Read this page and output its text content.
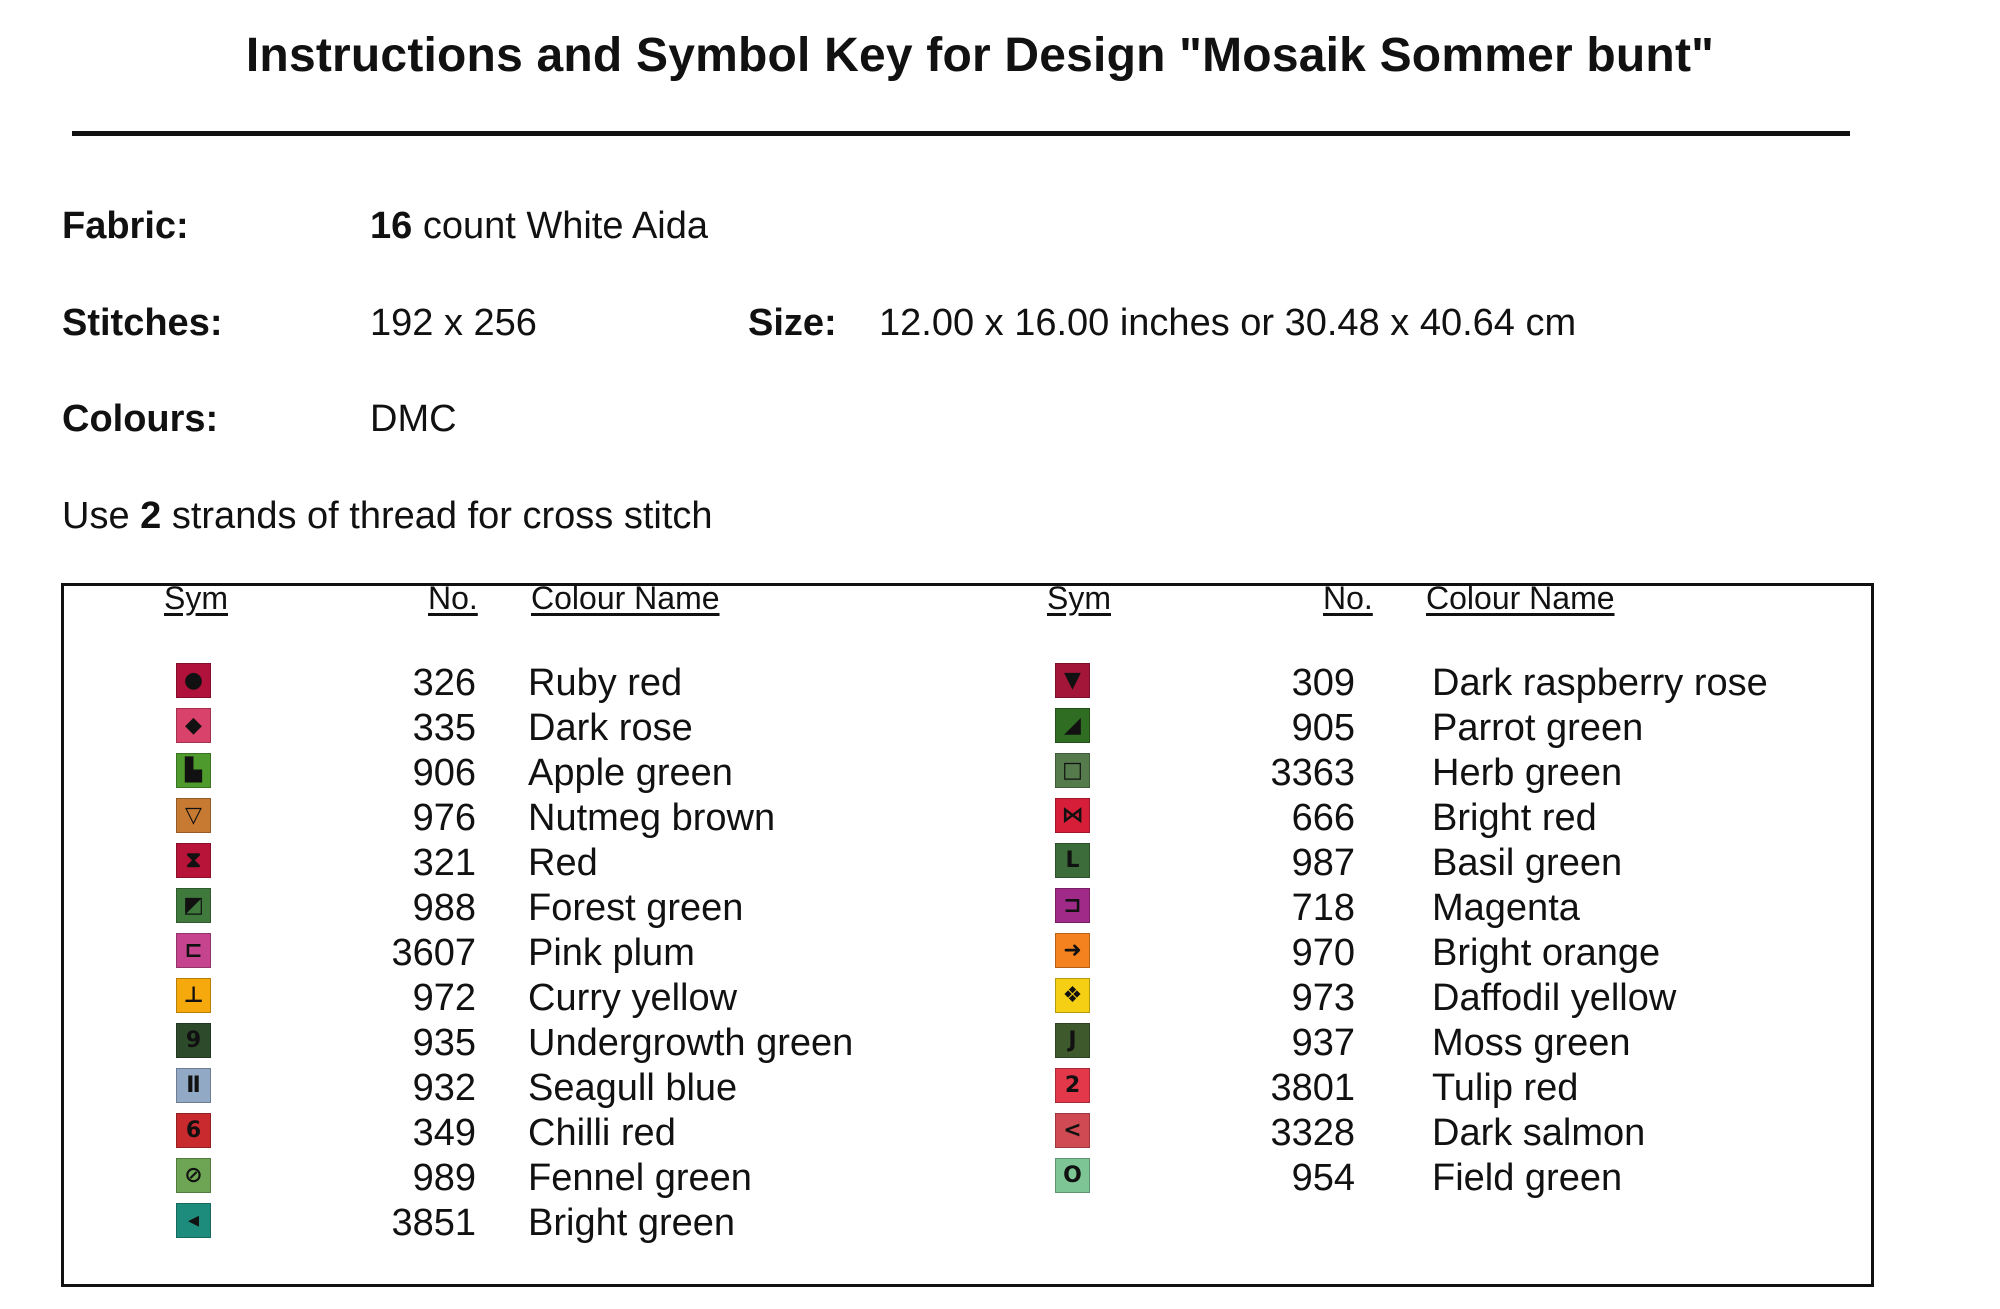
Instructions and Symbol Key for Design "Mosaik Sommer bunt"
Fabric:	16 count White Aida
Stitches:	192 x 256	Size: 12.00 x 16.00 inches or 30.48 x 40.64 cm
Colours:	DMC
Use 2 strands of thread for cross stitch
Sym	No. Colour Name	Sym	No. Colour Name
●	326 Ruby red
◆	335 Dark rose
▙	906 Apple green
▽	976 Nutmeg brown
⧗	321 Red
◩	988 Forest green
⊏	3607 Pink plum
⊥	972 Curry yellow
9	935 Undergrowth green
Ⅱ	932 Seagull blue
6	349 Chilli red
⊘	989 Fennel green
◂	3851 Bright green
▼	309 Dark raspberry rose
◢	905 Parrot green
□	3363 Herb green
⋈	666 Bright red
L	987 Basil green
⊐	718 Magenta
➜	970 Bright orange
❖	973 Daffodil yellow
J	937 Moss green
2	3801 Tulip red
<	3328 Dark salmon
O	954 Field green
